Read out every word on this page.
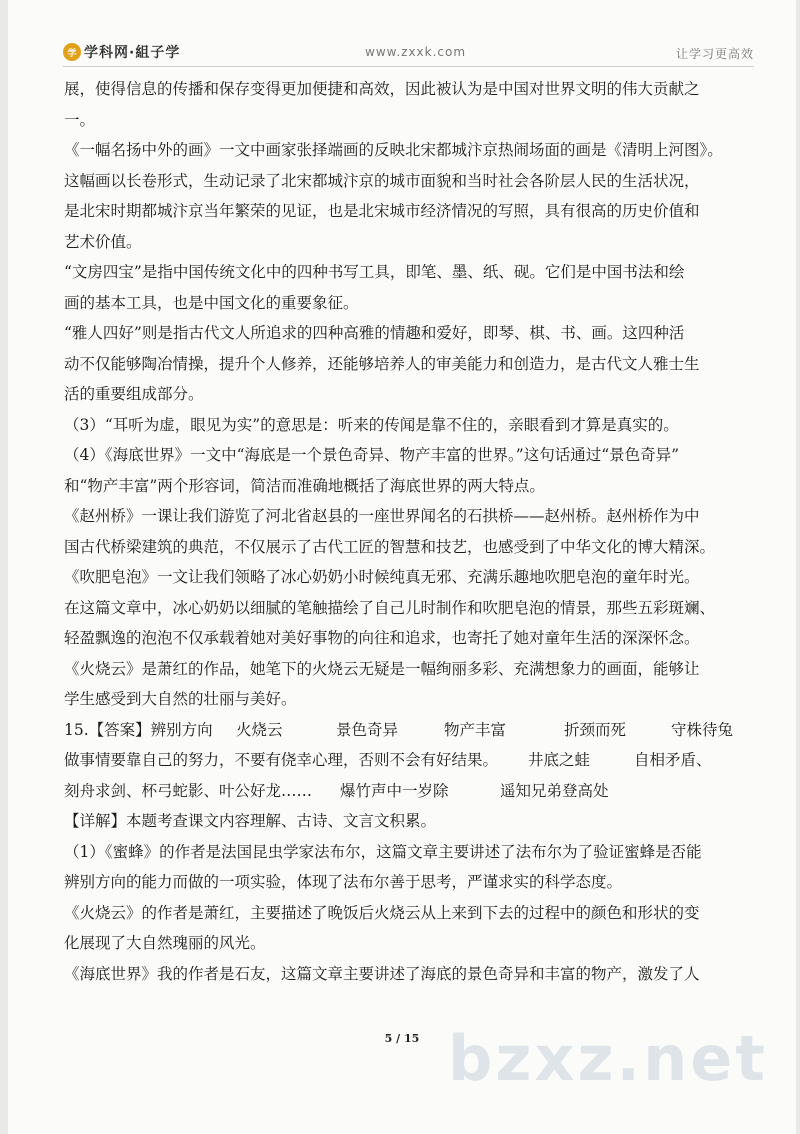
学 学科网·組子学	www.zxxk.com	让学习更高效

展，使得信息的传播和保存变得更加便捷和高效，因此被认为是中国对世界文明的伟大贡献之

一。

《一幅名扬中外的画》一文中画家张择端画的反映北宋都城汴京热闹场面的画是《清明上河图》。

这幅画以长卷形式，生动记录了北宋都城汴京的城市面貌和当时社会各阶层人民的生活状况，

是北宋时期都城汴京当年繁荣的见证，也是北宋城市经济情况的写照，具有很高的历史价值和

艺术价值。

“文房四宝”是指中国传统文化中的四种书写工具，即笔、墨、纸、砚。它们是中国书法和绘

画的基本工具，也是中国文化的重要象征。

“雅人四好”则是指古代文人所追求的四种高雅的情趣和爱好，即琴、棋、书、画。这四种活

动不仅能够陶冶情操，提升个人修养，还能够培养人的审美能力和创造力，是古代文人雅士生

活的重要组成部分。

（3）“耳听为虚，眼见为实”的意思是：听来的传闻是靠不住的，亲眼看到才算是真实的。

（4）《海底世界》一文中“海底是一个景色奇异、物产丰富的世界。”这句话通过“景色奇异”

和“物产丰富”两个形容词，简洁而准确地概括了海底世界的两大特点。

《赵州桥》一课让我们游览了河北省赵县的一座世界闻名的石拱桥——赵州桥。赵州桥作为中

国古代桥梁建筑的典范，不仅展示了古代工匠的智慧和技艺，也感受到了中华文化的博大精深。

《吹肥皂泡》一文让我们领略了冰心奶奶小时候纯真无邪、充满乐趣地吹肥皂泡的童年时光。

在这篇文章中，冰心奶奶以细腻的笔触描绘了自己儿时制作和吹肥皂泡的情景，那些五彩斑斓、

轻盈飘逸的泡泡不仅承载着她对美好事物的向往和追求，也寄托了她对童年生活的深深怀念。

《火烧云》是萧红的作品，她笔下的火烧云无疑是一幅绚丽多彩、充满想象力的画面，能够让

学生感受到大自然的壮丽与美好。

15.【答案】辨别方向 火烧云	景色奇异	物产丰富	折颈而死	守株待兔

做事情要靠自己的努力，不要有侥幸心理，否则不会有好结果。 井底之蛙	自相矛盾、

刻舟求剑、杯弓蛇影、叶公好龙…… 爆竹声中一岁除	遥知兄弟登高处

【详解】本题考查课文内容理解、古诗、文言文积累。

（1）《蜜蜂》的作者是法国昆虫学家法布尔，这篇文章主要讲述了法布尔为了验证蜜蜂是否能

辨别方向的能力而做的一项实验，体现了法布尔善于思考，严谨求实的科学态度。

《火烧云》的作者是萧红，主要描述了晚饭后火烧云从上来到下去的过程中的颜色和形状的变

化展现了大自然瑰丽的风光。

《海底世界》我的作者是石友，这篇文章主要讲述了海底的景色奇异和丰富的物产，激发了人

5 / 15 bzxz.net
